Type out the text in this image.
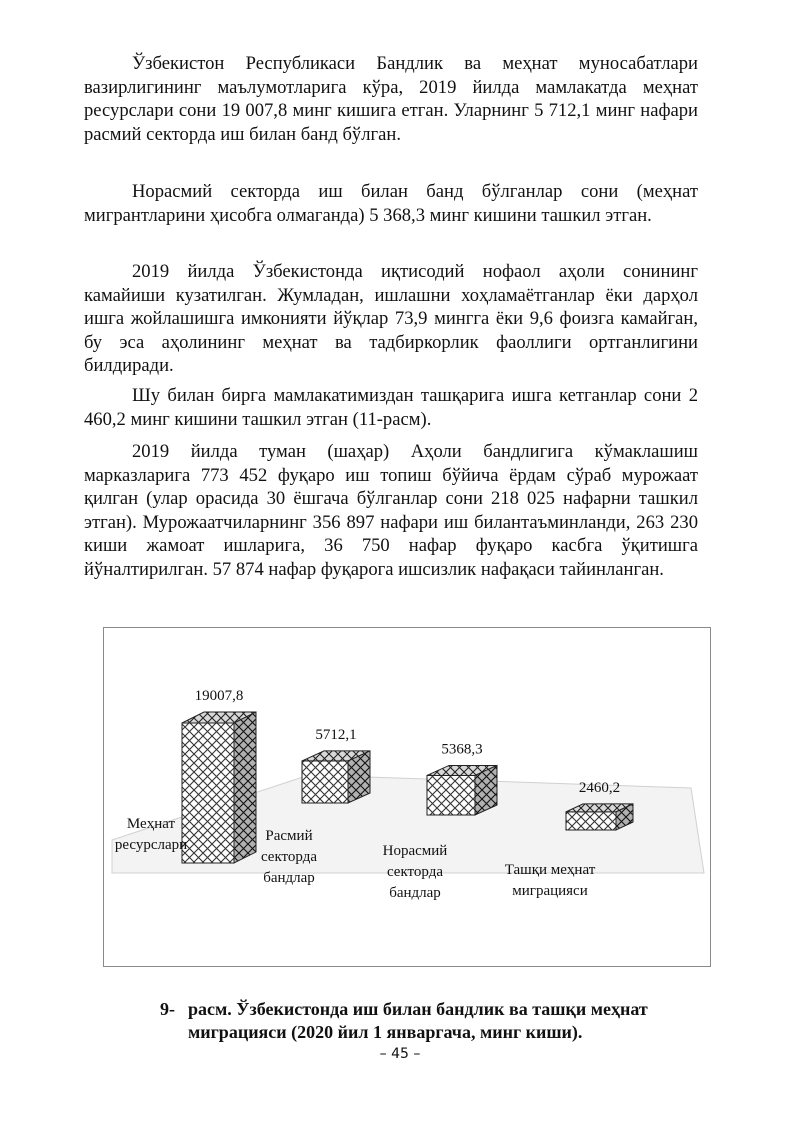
Ўзбекистон Республикаси Бандлик ва меҳнат муносабатлари вазирлигининг маълумотларига кўра, 2019 йилда мамлакатда меҳнат ресурслари сони 19 007,8 минг кишига етган. Уларнинг 5 712,1 минг нафари расмий секторда иш билан банд бўлган.

Норасмий секторда иш билан банд бўлганлар сони (меҳнат мигрантларини ҳисобга олмаганда) 5 368,3 минг кишини ташкил этган.

2019 йилда Ўзбекистонда иқтисодий нофаол аҳоли сонининг камайиши кузатилган. Жумладан, ишлашни хоҳламаётганлар ёки дарҳол ишга жойлашишга имконияти йўқлар 73,9 мингга ёки 9,6 фоизга камайган, бу эса аҳолининг меҳнат ва тадбиркорлик фаоллиги ортганлигини билдиради.

Шу билан бирга мамлакатимиздан ташқарига ишга кетганлар сони 2 460,2 минг кишини ташкил этган (11-расм).

2019 йилда туман (шаҳар) Аҳоли бандлигига кўмаклашиш марказларига 773 452 фуқаро иш топиш бўйича ёрдам сўраб мурожаат қилган (улар орасида 30 ёшгача бўлганлар сони 218 025 нафарни ташкил этган). Мурожаатчиларнинг 356 897 нафари иш билантаъминланди, 263 230 киши жамоат ишларига, 36 750 нафар фуқаро касбга ўқитишга йўналтирилган. 57 874 нафар фуқарога ишсизлик нафақаси тайинланган.

19007,8
Меҳнат ресурслари
5712,1
Расмий секторда бандлар
5368,3
Норасмий секторда бандлар
2460,2
Ташқи меҳнат миграцияси
9- расм. Ўзбекистонда иш билан бандлик ва ташқи меҳнат
миграцияси (2020 йил 1 январгача, минг киши).
– 45 –
